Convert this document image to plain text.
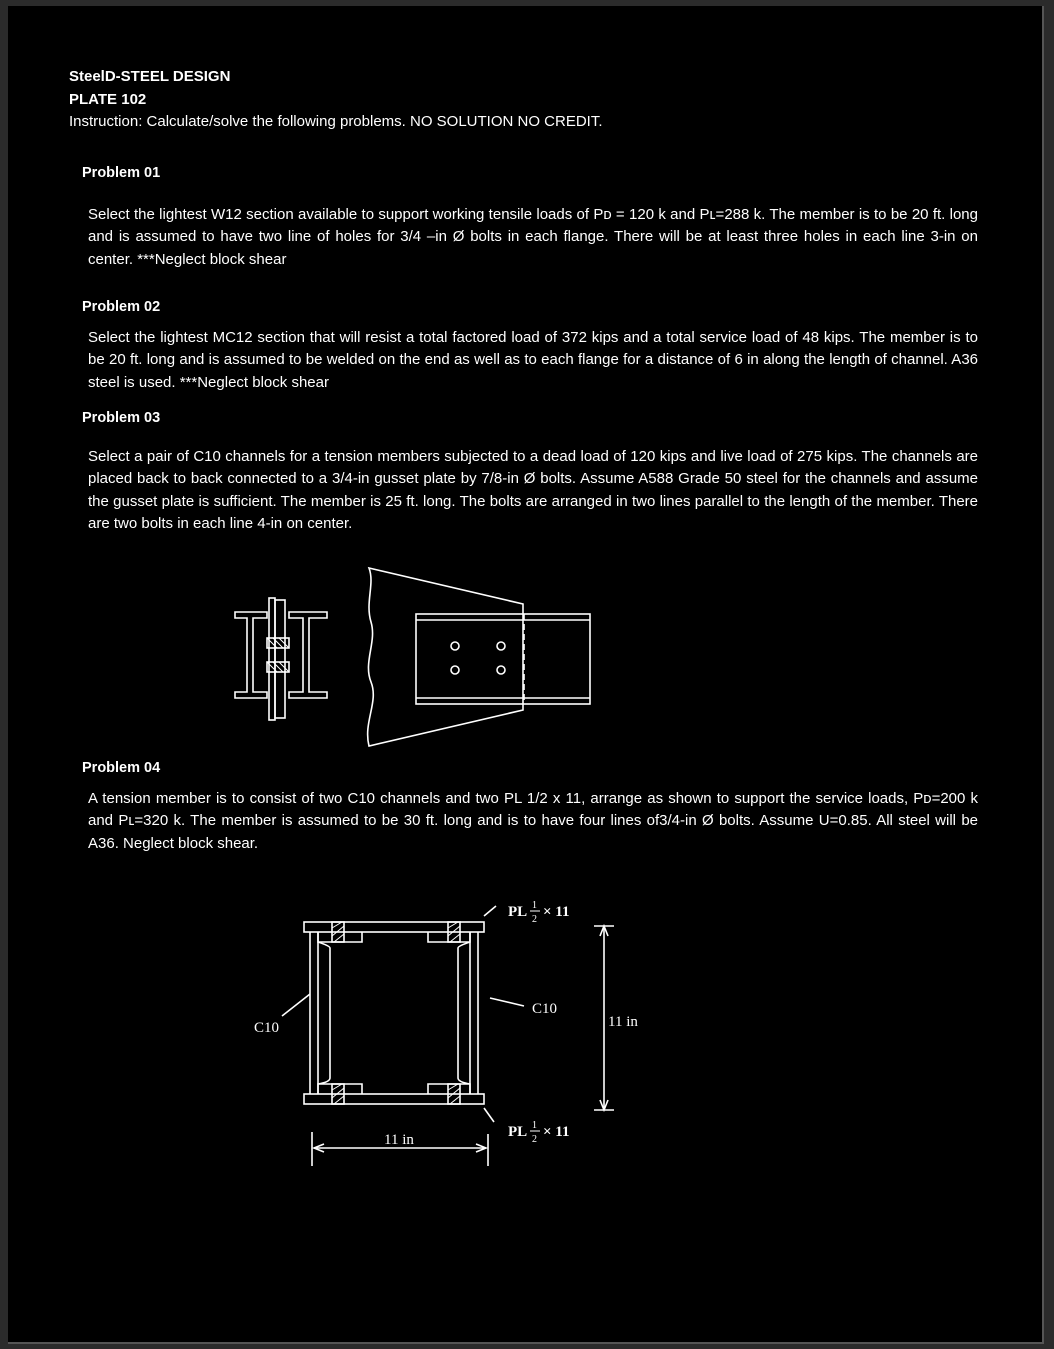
SteelD-STEEL DESIGN
PLATE 102
Instruction: Calculate/solve the following problems. NO SOLUTION NO CREDIT.
Problem 01
Select the lightest W12 section available to support working tensile loads of Pᴅ = 120 k and Pʟ=288 k. The member is to be 20 ft. long and is assumed to have two line of holes for 3/4 –in Ø bolts in each flange. There will be at least three holes in each line 3-in on center. ***Neglect block shear
Problem 02
Select the lightest MC12 section that will resist a total factored load of 372 kips and a total service load of 48 kips. The member is to be 20 ft. long and is assumed to be welded on the end as well as to each flange for a distance of 6 in along the length of channel. A36 steel is used. ***Neglect block shear
Problem 03
Select a pair of C10 channels for a tension members subjected to a dead load of 120 kips and live load of 275 kips. The channels are placed back to back connected to a 3/4-in gusset plate by 7/8-in Ø bolts. Assume A588 Grade 50 steel for the channels and assume the gusset plate is sufficient. The member is 25 ft. long. The bolts are arranged in two lines parallel to the length of the member. There are two bolts in each line 4-in on center.
Problem 04
A tension member is to consist of two C10 channels and two PL 1/2 x 11, arrange as shown to support the service loads, Pᴅ=200 k and Pʟ=320 k. The member is assumed to be 30 ft. long and is to have four lines of3/4-in Ø bolts. Assume U=0.85. All steel will be A36. Neglect block shear.
PL 1
2 × 11
PL 1
2 × 11
C10
C10	11 in
11 in
